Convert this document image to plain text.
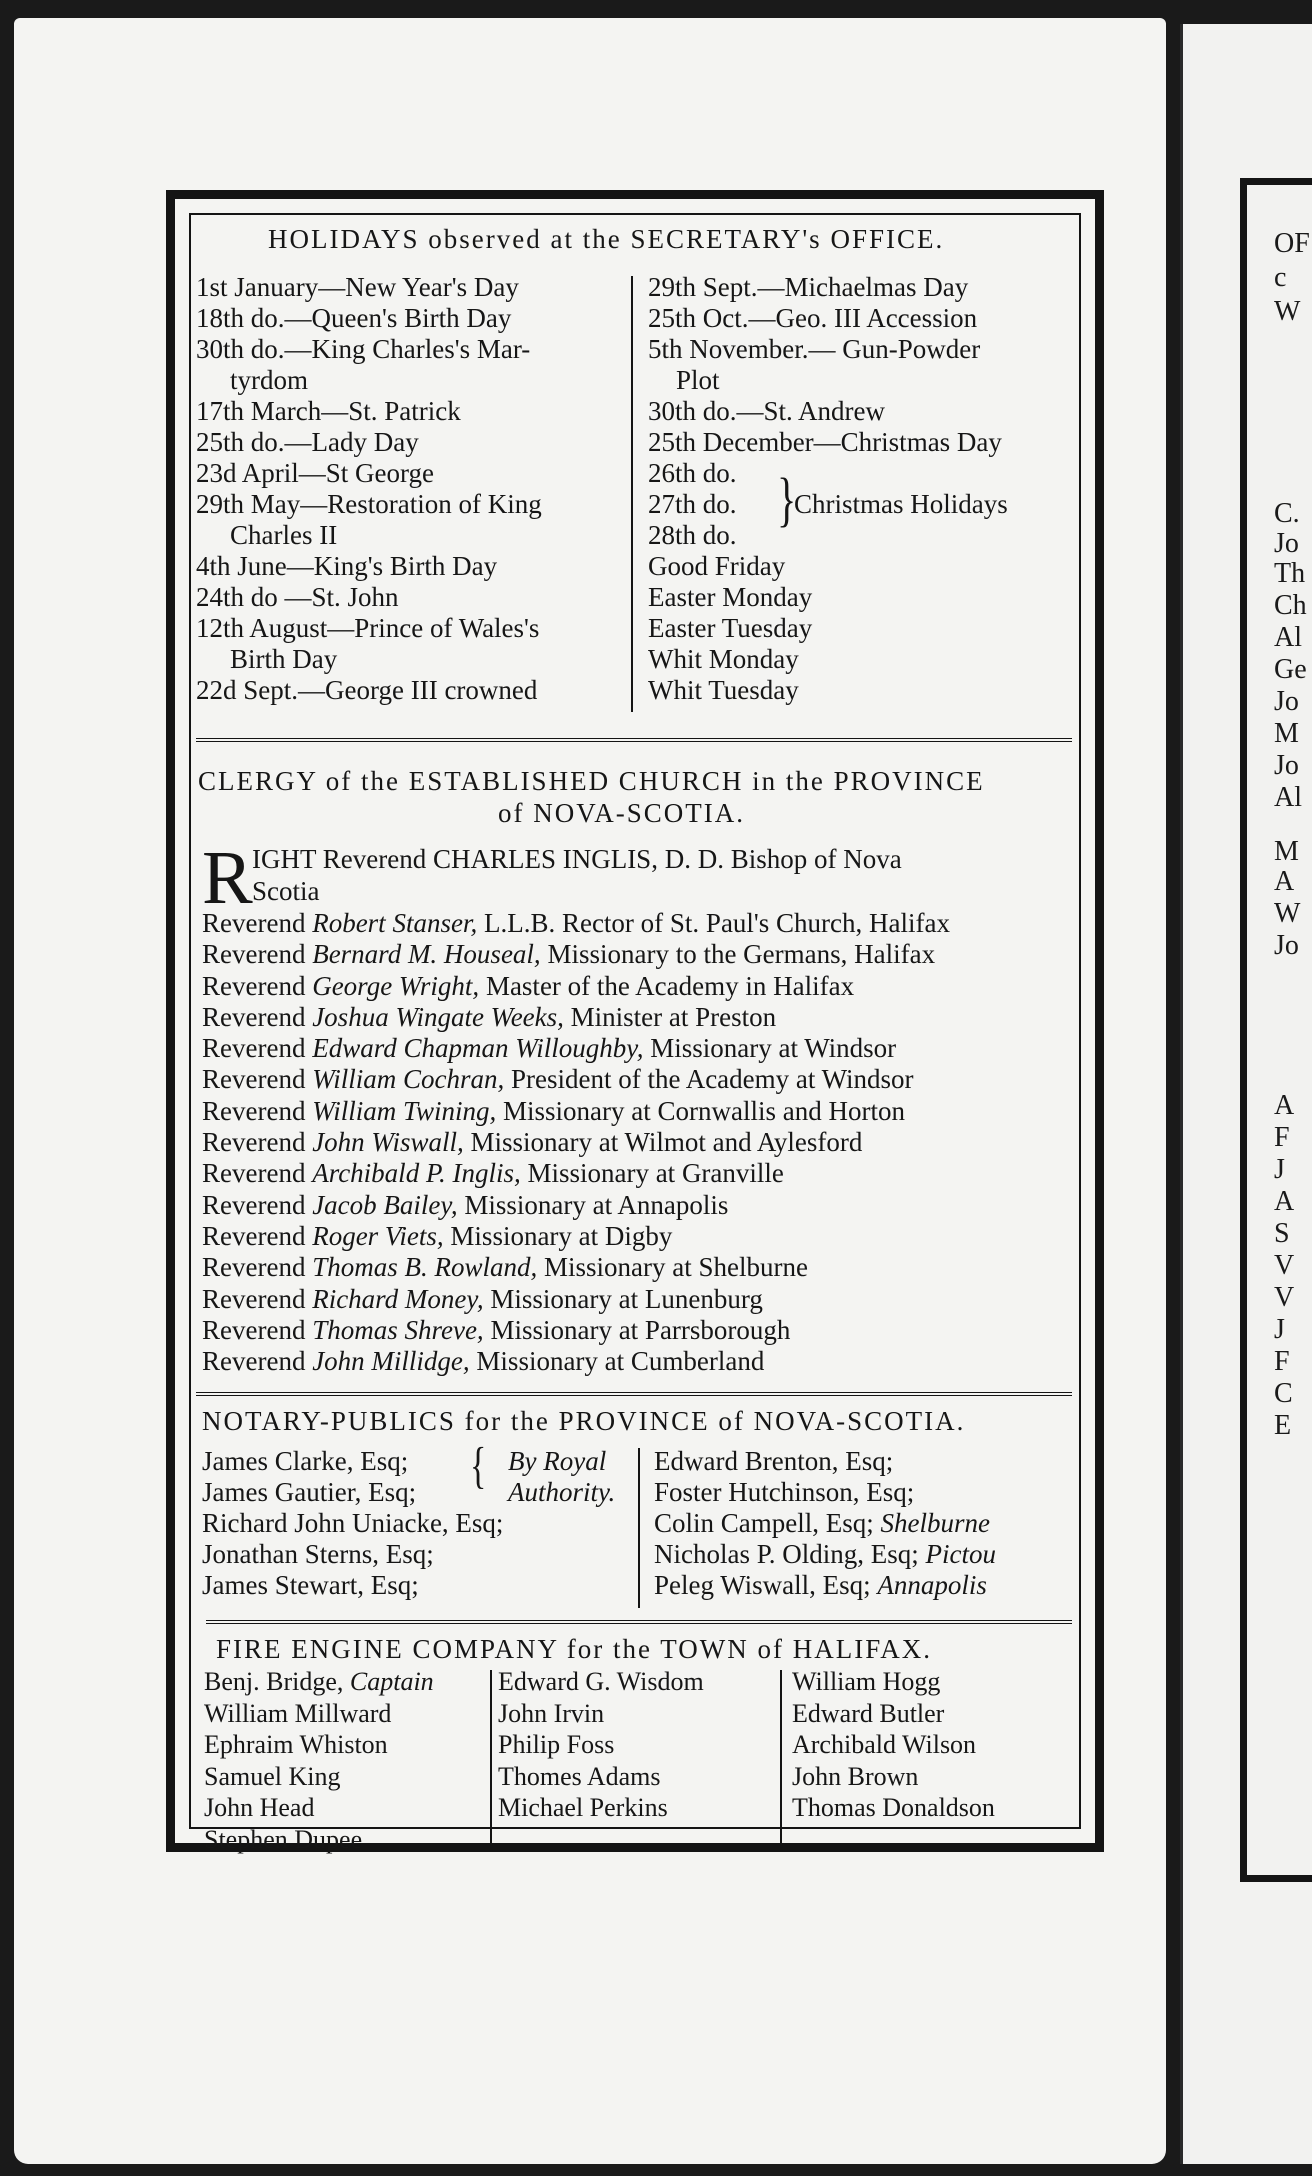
OF
c
W
C.
Jo
Th
Ch
Al
Ge
Jo
M
Jo
Al
M
A
W
Jo
A
F
J
A
S
V
V
J
F
C
E
HOLIDAYS observed at the SECRETARY's OFFICE.
1st January—New Year's Day
18th do.—Queen's Birth Day
30th do.—King Charles's Mar-
tyrdom
17th March—St. Patrick
25th do.—Lady Day
23d April—St George
29th May—Restoration of King
Charles II
4th June—King's Birth Day
24th do —St. John
12th August—Prince of Wales's
Birth Day
22d Sept.—George III crowned
29th Sept.—Michaelmas Day
25th Oct.—Geo. III Accession
5th November.— Gun-Powder
Plot
30th do.—St. Andrew
25th December—Christmas Day
26th do.
27th do.
28th do.
Good Friday
Easter Monday
Easter Tuesday
Whit Monday
Whit Tuesday
}
Christmas Holidays
CLERGY of the ESTABLISHED CHURCH in the PROVINCE
of NOVA-SCOTIA.
R IGHT Reverend CHARLES INGLIS, D. D. Bishop of Nova
Scotia
Reverend Robert Stanser, L.L.B. Rector of St. Paul's Church, Halifax
Reverend Bernard M. Houseal, Missionary to the Germans, Halifax
Reverend George Wright, Master of the Academy in Halifax
Reverend Joshua Wingate Weeks, Minister at Preston
Reverend Edward Chapman Willoughby, Missionary at Windsor
Reverend William Cochran, President of the Academy at Windsor
Reverend William Twining, Missionary at Cornwallis and Horton
Reverend John Wiswall, Missionary at Wilmot and Aylesford
Reverend Archibald P. Inglis, Missionary at Granville
Reverend Jacob Bailey, Missionary at Annapolis
Reverend Roger Viets, Missionary at Digby
Reverend Thomas B. Rowland, Missionary at Shelburne
Reverend Richard Money, Missionary at Lunenburg
Reverend Thomas Shreve, Missionary at Parrsborough
Reverend John Millidge, Missionary at Cumberland
NOTARY-PUBLICS for the PROVINCE of NOVA-SCOTIA.
James Clarke, Esq;
James Gautier, Esq;
Richard John Uniacke, Esq;
Jonathan Sterns, Esq;
James Stewart, Esq;
{ By Royal
Authority.
Edward Brenton, Esq;
Foster Hutchinson, Esq;
Colin Campell, Esq; Shelburne
Nicholas P. Olding, Esq; Pictou
Peleg Wiswall, Esq; Annapolis
FIRE ENGINE COMPANY for the TOWN of HALIFAX.
Benj. Bridge, Captain
William Millward
Ephraim Whiston
Samuel King
John Head
Stephen Dupee
Edward G. Wisdom
John Irvin
Philip Foss
Thomes Adams
Michael Perkins
William Hogg
Edward Butler
Archibald Wilson
John Brown
Thomas Donaldson
